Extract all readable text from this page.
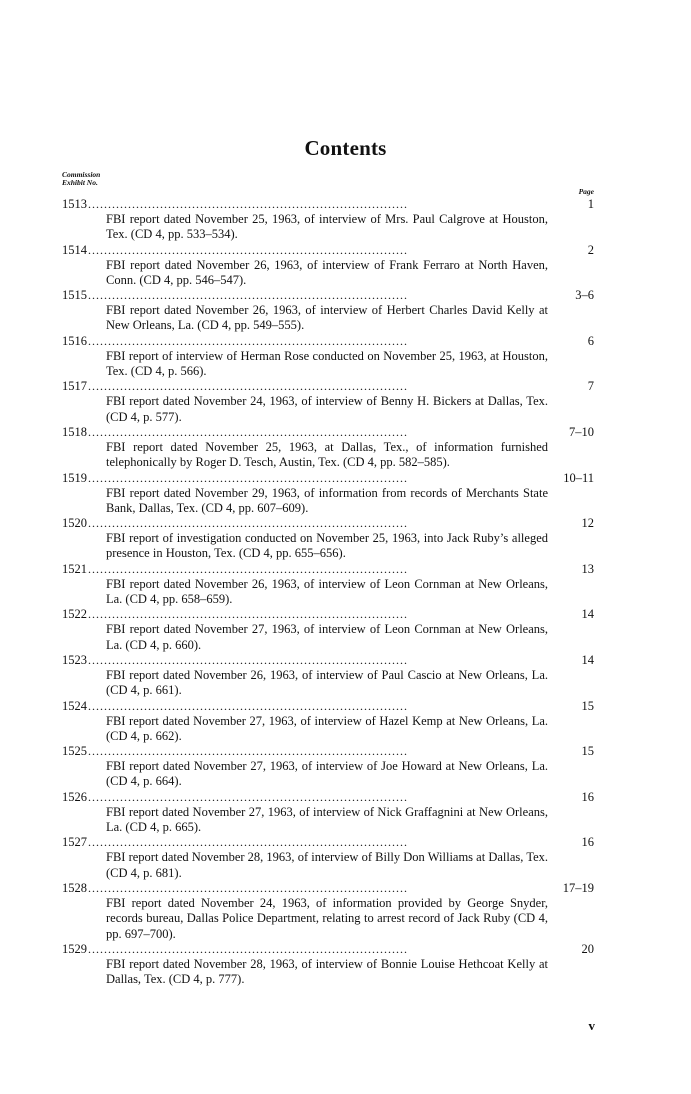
Contents
Commission
Exhibit No.
Page
1513 . . .	1
FBI report dated November 25, 1963, of interview of Mrs. Paul Calgrove at Houston, Tex. (CD 4, pp. 533–534).
1514 . . .	2
FBI report dated November 26, 1963, of interview of Frank Ferraro at North Haven, Conn. (CD 4, pp. 546–547).
1515 . . .	3–6
FBI report dated November 26, 1963, of interview of Herbert Charles David Kelly at New Orleans, La. (CD 4, pp. 549–555).
1516 . . .	6
FBI report of interview of Herman Rose conducted on November 25, 1963, at Houston, Tex. (CD 4, p. 566).
1517 . . .	7
FBI report dated November 24, 1963, of interview of Benny H. Bickers at Dallas, Tex. (CD 4, p. 577).
1518 . . .	7–10
FBI report dated November 25, 1963, at Dallas, Tex., of information furnished telephonically by Roger D. Tesch, Austin, Tex. (CD 4, pp. 582–585).
1519 . . .	10–11
FBI report dated November 29, 1963, of information from records of Merchants State Bank, Dallas, Tex. (CD 4, pp. 607–609).
1520 . . .	12
FBI report of investigation conducted on November 25, 1963, into Jack Ruby’s alleged presence in Houston, Tex. (CD 4, pp. 655–656).
1521 . . .	13
FBI report dated November 26, 1963, of interview of Leon Cornman at New Orleans, La. (CD 4, pp. 658–659).
1522 . . .	14
FBI report dated November 27, 1963, of interview of Leon Cornman at New Orleans, La. (CD 4, p. 660).
1523 . . .	14
FBI report dated November 26, 1963, of interview of Paul Cascio at New Orleans, La. (CD 4, p. 661).
1524 . . .	15
FBI report dated November 27, 1963, of interview of Hazel Kemp at New Orleans, La. (CD 4, p. 662).
1525 . . .	15
FBI report dated November 27, 1963, of interview of Joe Howard at New Orleans, La. (CD 4, p. 664).
1526 . . .	16
FBI report dated November 27, 1963, of interview of Nick Graffagnini at New Orleans, La. (CD 4, p. 665).
1527 . . .	16
FBI report dated November 28, 1963, of interview of Billy Don Williams at Dallas, Tex. (CD 4, p. 681).
1528 . . .	17–19
FBI report dated November 24, 1963, of information provided by George Snyder, records bureau, Dallas Police Department, relating to arrest record of Jack Ruby (CD 4, pp. 697–700).
1529 . . .	20
FBI report dated November 28, 1963, of interview of Bonnie Louise Hethcoat Kelly at Dallas, Tex. (CD 4, p. 777).
v
